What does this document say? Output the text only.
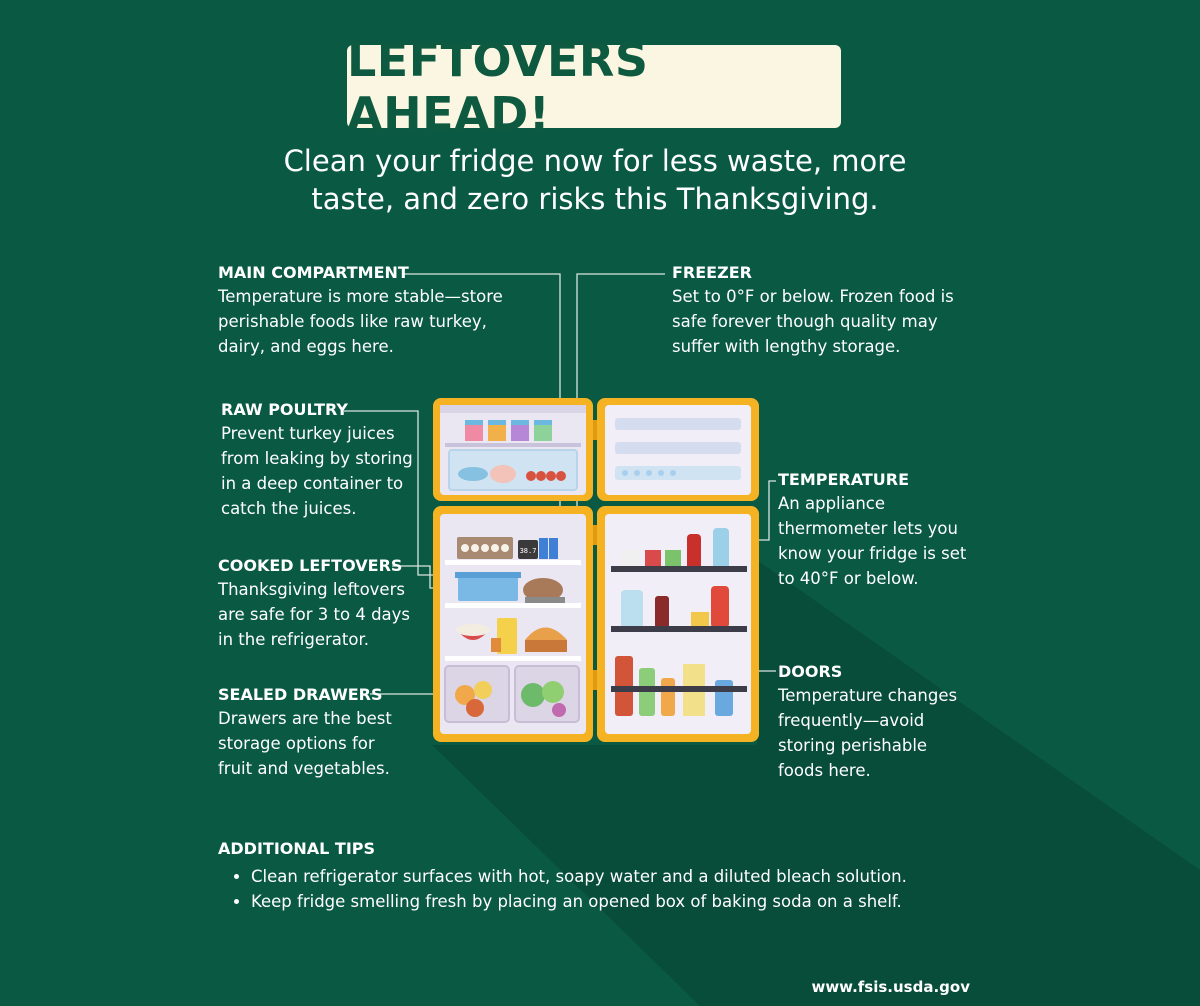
LEFTOVERS AHEAD!
Clean your fridge now for less waste, more
taste, and zero risks this Thanksgiving.
MAIN COMPARTMENT
Temperature is more stable—store
perishable foods like raw turkey,
dairy, and eggs here.
FREEZER
Set to 0°F or below. Frozen food is
safe forever though quality may
suffer with lengthy storage.
RAW POULTRY
Prevent turkey juices
from leaking by storing
in a deep container to
catch the juices.
TEMPERATURE
An appliance
thermometer lets you
know your fridge is set
to 40°F or below.
COOKED LEFTOVERS
Thanksgiving leftovers
are safe for 3 to 4 days
in the refrigerator.
DOORS
Temperature changes
frequently—avoid
storing perishable
foods here.
SEALED DRAWERS
Drawers are the best
storage options for
fruit and vegetables.
38.7
ADDITIONAL TIPS
• Clean refrigerator surfaces with hot, soapy water and a diluted bleach solution.
• Keep fridge smelling fresh by placing an opened box of baking soda on a shelf.
www.fsis.usda.gov
